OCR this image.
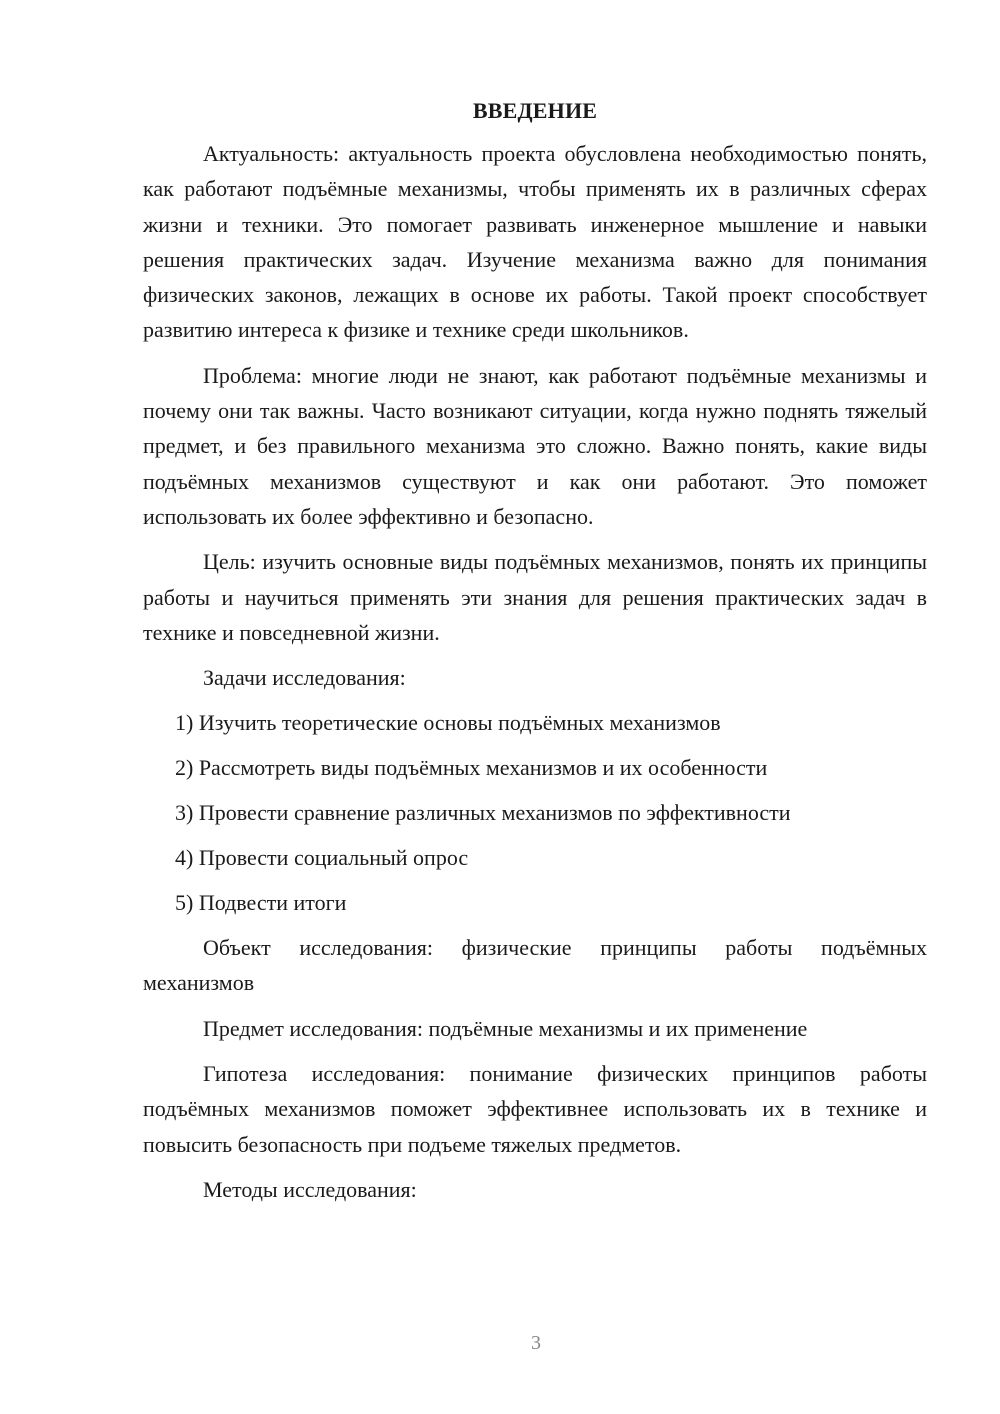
ВВЕДЕНИЕ

Актуальность: актуальность проекта обусловлена необходимостью понять, как работают подъёмные механизмы, чтобы применять их в различных сферах жизни и техники. Это помогает развивать инженерное мышление и навыки решения практических задач. Изучение механизма важно для понимания физических законов, лежащих в основе их работы. Такой проект способствует развитию интереса к физике и технике среди школьников.

Проблема: многие люди не знают, как работают подъёмные механизмы и почему они так важны. Часто возникают ситуации, когда нужно поднять тяжелый предмет, и без правильного механизма это сложно. Важно понять, какие виды подъёмных механизмов существуют и как они работают. Это поможет использовать их более эффективно и безопасно.

Цель: изучить основные виды подъёмных механизмов, понять их принципы работы и научиться применять эти знания для решения практических задач в технике и повседневной жизни.

Задачи исследования:

1) Изучить теоретические основы подъёмных механизмов
2) Рассмотреть виды подъёмных механизмов и их особенности
3) Провести сравнение различных механизмов по эффективности
4) Провести социальный опрос
5) Подвести итоги

Объект исследования: физические принципы работы подъёмных механизмов

Предмет исследования: подъёмные механизмы и их применение

Гипотеза исследования: понимание физических принципов работы подъёмных механизмов поможет эффективнее использовать их в технике и повысить безопасность при подъеме тяжелых предметов.

Методы исследования:

3
